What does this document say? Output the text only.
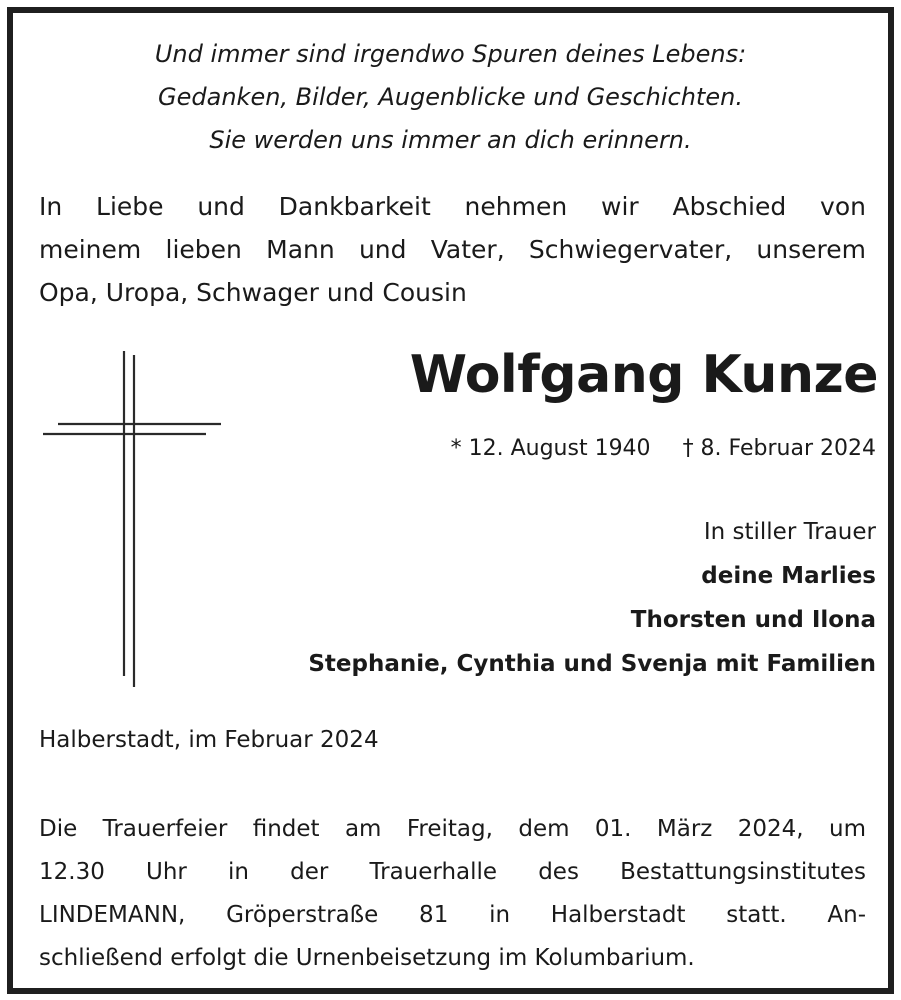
Und immer sind irgendwo Spuren deines Lebens:
Gedanken, Bilder, Augenblicke und Geschichten.
Sie werden uns immer an dich erinnern.
In Liebe und Dankbarkeit nehmen wir Abschied von
meinem lieben Mann und Vater, Schwiegervater, unserem
Opa, Uropa, Schwager und Cousin
Wolfgang Kunze
* 12. August 1940 † 8. Februar 2024
In stiller Trauer
deine Marlies
Thorsten und Ilona
Stephanie, Cynthia und Svenja mit Familien
Halberstadt, im Februar 2024
Die Trauerfeier findet am Freitag, dem 01. März 2024, um
12.30 Uhr in der Trauerhalle des Bestattungsinstitutes
LINDEMANN, Gröperstraße 81 in Halberstadt statt. An-
schließend erfolgt die Urnenbeisetzung im Kolumbarium.
